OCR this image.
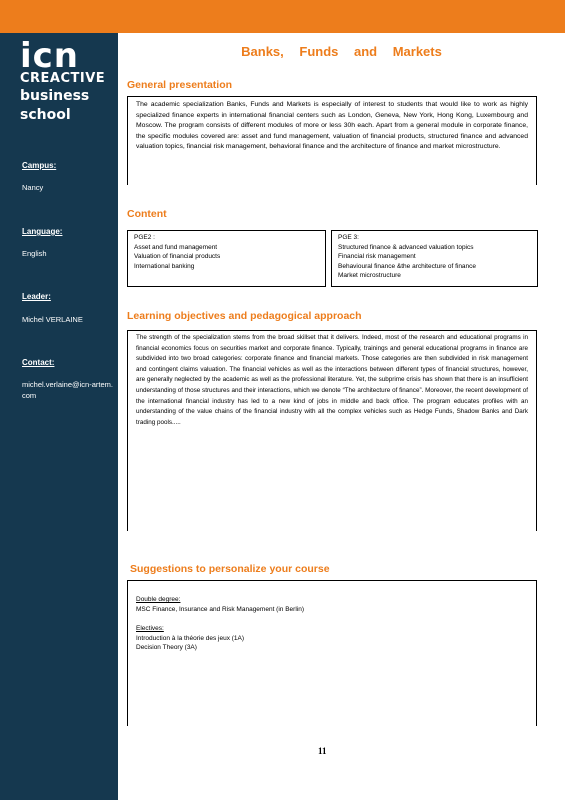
icn
CREACTIVE
business
school
Campus:
Nancy
Language:
English
Leader:
Michel VERLAINE
Contact:
michel.verlaine@icn-artem.com
Banks, Funds and Markets
General presentation
The academic specialization Banks, Funds and Markets is especially of interest to students that would like to work as highly specialized finance experts in international financial centers such as London, Geneva, New York, Hong Kong, Luxembourg and Moscow. The program consists of different modules of more or less 30h each. Apart from a general module in corporate finance, the specific modules covered are: asset and fund management, valuation of financial products, structured finance and advanced valuation topics, financial risk management, behavioral finance and the architecture of finance and market microstructure.
Content
PGE2 :
Asset and fund management
Valuation of financial products
International banking
PGE 3:
Structured finance & advanced valuation topics
Financial risk management
Behavioural finance &the architecture of finance
Market microstructure
Learning objectives and pedagogical approach
The strength of the specialization stems from the broad skillset that it delivers. Indeed, most of the research and educational programs in financial economics focus on securities market and corporate finance. Typically, trainings and general educational programs in finance are subdivided into two broad categories: corporate finance and financial markets. Those categories are then subdivided in risk management and contingent claims valuation. The financial vehicles as well as the interactions between different types of financial structures, however, are generally neglected by the academic as well as the professional literature. Yet, the subprime crisis has shown that there is an insufficient understanding of those structures and their interactions, which we denote “The architecture of finance”. Moreover, the recent development of the international financial industry has led to a new kind of jobs in middle and back office. The program educates profiles with an understanding of the value chains of the financial industry with all the complex vehicles such as Hedge Funds, Shadow Banks and Dark trading pools.....
Suggestions to personalize your course
Double degree:
MSC Finance, Insurance and Risk Management (in Berlin)
Electives:
Introduction à la théorie des jeux (1A)
Decision Theory (3A)
11
